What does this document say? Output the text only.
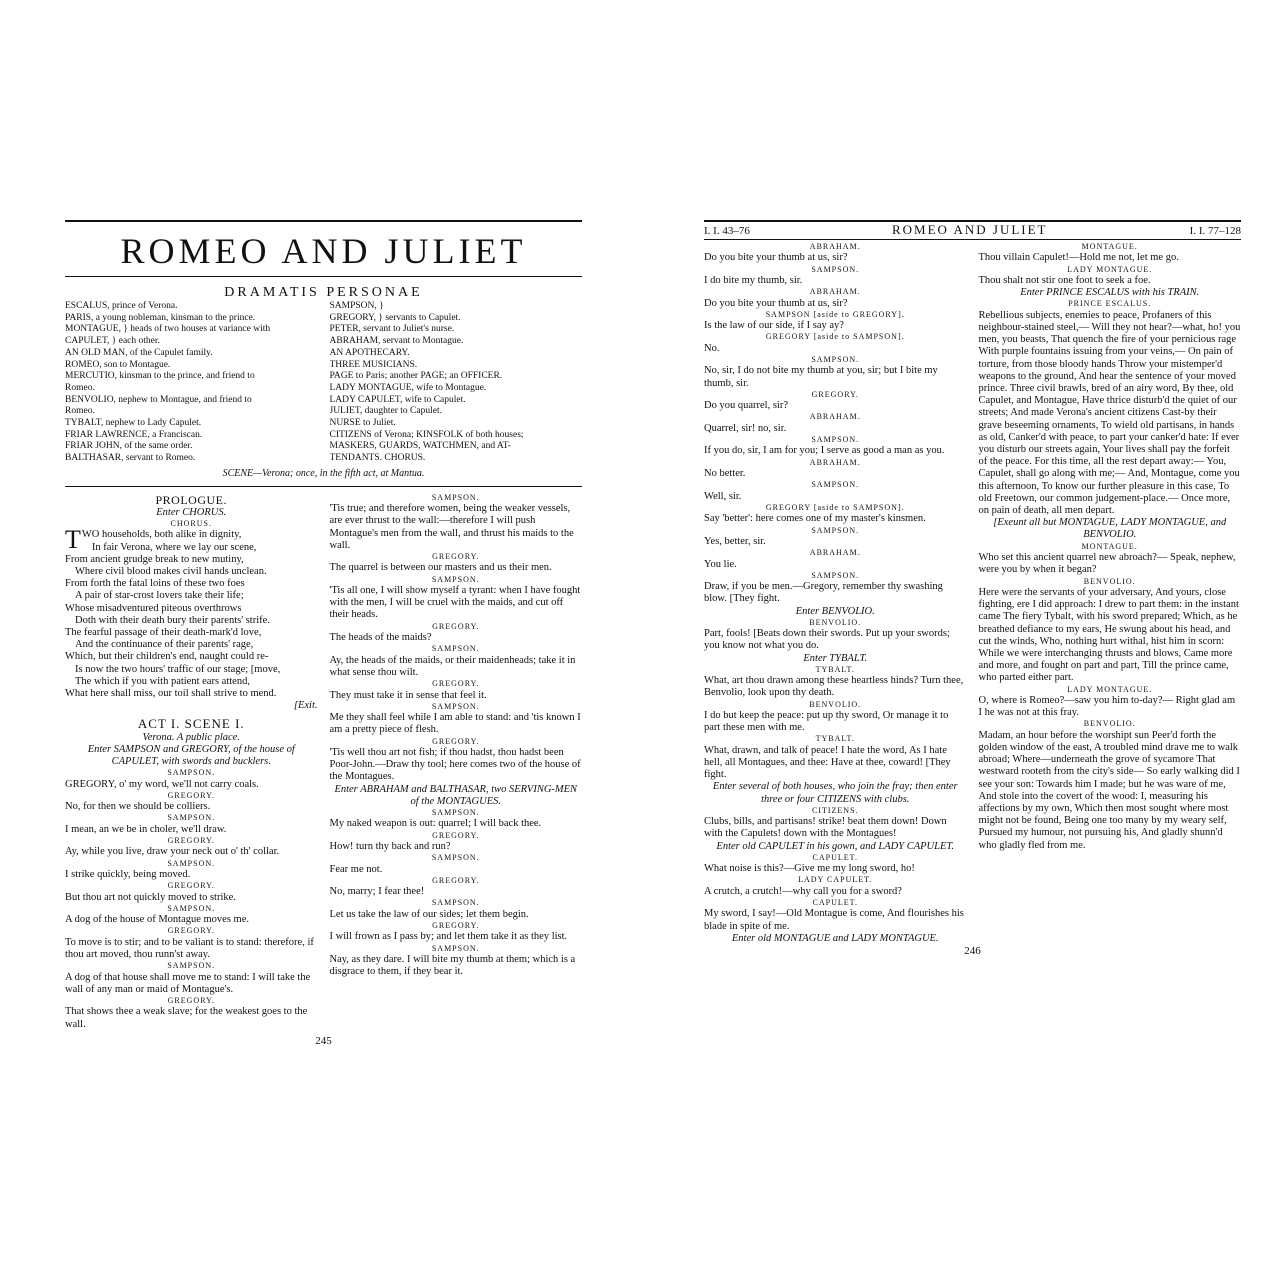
ROMEO AND JULIET
DRAMATIS PERSONAE
ESCALUS, prince of Verona.
PARIS, a young nobleman, kinsman to the prince.
MONTAGUE, } heads of two houses at variance with
CAPULET, } each other.
AN OLD MAN, of the Capulet family.
ROMEO, son to Montague.
MERCUTIO, kinsman to the prince, and friend to
Romeo.
BENVOLIO, nephew to Montague, and friend to
Romeo.
TYBALT, nephew to Lady Capulet.
FRIAR LAWRENCE, a Franciscan.
FRIAR JOHN, of the same order.
BALTHASAR, servant to Romeo.
SAMPSON, }
GREGORY, } servants to Capulet.
PETER, servant to Juliet's nurse.
ABRAHAM, servant to Montague.
AN APOTHECARY.
THREE MUSICIANS.
PAGE to Paris; another PAGE; an OFFICER.
LADY MONTAGUE, wife to Montague.
LADY CAPULET, wife to Capulet.
JULIET, daughter to Capulet.
NURSE to Juliet.
CITIZENS of Verona; KINSFOLK of both houses;
MASKERS, GUARDS, WATCHMEN, and AT-
TENDANTS. CHORUS.
SCENE—Verona; once, in the fifth act, at Mantua.
PROLOGUE.
Enter CHORUS.
CHORUS.
T WO households, both alike in dignity,
In fair Verona, where we lay our scene,
From ancient grudge break to new mutiny,
Where civil blood makes civil hands unclean.
From forth the fatal loins of these two foes
A pair of star-crost lovers take their life;
Whose misadventured piteous overthrows
Doth with their death bury their parents' strife.
The fearful passage of their death-mark'd love,
And the continuance of their parents' rage,
Which, but their children's end, naught could re-
Is now the two hours' traffic of our stage; [move,
The which if you with patient ears attend,
What here shall miss, our toil shall strive to mend.
[Exit.
ACT I. SCENE I.
Verona. A public place.
Enter SAMPSON and GREGORY, of the house of
CAPULET, with swords and bucklers.
SAMPSON.
GREGORY, o' my word, we'll not carry coals.
GREGORY.
No, for then we should be colliers.
SAMPSON.
I mean, an we be in choler, we'll draw.
GREGORY.
Ay, while you live, draw your neck out o' th' collar.
SAMPSON.
I strike quickly, being moved.
GREGORY.
But thou art not quickly moved to strike.
SAMPSON.
A dog of the house of Montague moves me.
GREGORY.
To move is to stir; and to be valiant is to stand: therefore, if thou art moved, thou runn'st away.
SAMPSON.
A dog of that house shall move me to stand: I will take the wall of any man or maid of Montague's.
GREGORY.
That shows thee a weak slave; for the weakest goes to the wall.
SAMPSON.
'Tis true; and therefore women, being the weaker vessels, are ever thrust to the wall:—therefore I will push Montague's men from the wall, and thrust his maids to the wall.
GREGORY.
The quarrel is between our masters and us their men.
SAMPSON.
'Tis all one, I will show myself a tyrant: when I have fought with the men, I will be cruel with the maids, and cut off their heads.
GREGORY.
The heads of the maids?
SAMPSON.
Ay, the heads of the maids, or their maidenheads; take it in what sense thou wilt.
GREGORY.
They must take it in sense that feel it.
SAMPSON.
Me they shall feel while I am able to stand: and 'tis known I am a pretty piece of flesh.
GREGORY.
'Tis well thou art not fish; if thou hadst, thou hadst been Poor-John.—Draw thy tool; here comes two of the house of the Montagues.
Enter ABRAHAM and BALTHASAR, two SERVING-MEN of the MONTAGUES.
SAMPSON.
My naked weapon is out: quarrel; I will back thee.
GREGORY.
How! turn thy back and run?
SAMPSON.
Fear me not.
GREGORY.
No, marry; I fear thee!
SAMPSON.
Let us take the law of our sides; let them begin.
GREGORY.
I will frown as I pass by; and let them take it as they list.
SAMPSON.
Nay, as they dare. I will bite my thumb at them; which is a disgrace to them, if they bear it.
245
I. I. 43–76	ROMEO AND JULIET	I. I. 77–128
ABRAHAM.
Do you bite your thumb at us, sir?
SAMPSON.
I do bite my thumb, sir.
ABRAHAM.
Do you bite your thumb at us, sir?
SAMPSON [aside to GREGORY].
Is the law of our side, if I say ay?
GREGORY [aside to SAMPSON].
No.
SAMPSON.
No, sir, I do not bite my thumb at you, sir; but I bite my thumb, sir.
GREGORY.
Do you quarrel, sir?
ABRAHAM.
Quarrel, sir! no, sir.
SAMPSON.
If you do, sir, I am for you; I serve as good a man as you.
ABRAHAM.
No better.
SAMPSON.
Well, sir.
GREGORY [aside to SAMPSON].
Say 'better': here comes one of my master's kinsmen.
SAMPSON.
Yes, better, sir.
ABRAHAM.
You lie.
SAMPSON.
Draw, if you be men.—Gregory, remember thy swashing blow. [They fight.
Enter BENVOLIO.
BENVOLIO.
Part, fools! [Beats down their swords. Put up your swords; you know not what you do.
Enter TYBALT.
TYBALT.
What, art thou drawn among these heartless hinds? Turn thee, Benvolio, look upon thy death.
BENVOLIO.
I do but keep the peace: put up thy sword, Or manage it to part these men with me.
TYBALT.
What, drawn, and talk of peace! I hate the word, As I hate hell, all Montagues, and thee: Have at thee, coward! [They fight.
Enter several of both houses, who join the fray; then enter three or four CITIZENS with clubs.
CITIZENS.
Clubs, bills, and partisans! strike! beat them down! Down with the Capulets! down with the Montagues!
Enter old CAPULET in his gown, and LADY CAPULET.
CAPULET.
What noise is this?—Give me my long sword, ho!
LADY CAPULET.
A crutch, a crutch!—why call you for a sword?
CAPULET.
My sword, I say!—Old Montague is come, And flourishes his blade in spite of me.
Enter old MONTAGUE and LADY MONTAGUE.
MONTAGUE.
Thou villain Capulet!—Hold me not, let me go.
LADY MONTAGUE.
Thou shalt not stir one foot to seek a foe.
Enter PRINCE ESCALUS with his TRAIN.
PRINCE ESCALUS.
Rebellious subjects, enemies to peace, Profaners of this neighbour-stained steel,— Will they not hear?—what, ho! you men, you beasts, That quench the fire of your pernicious rage With purple fountains issuing from your veins,— On pain of torture, from those bloody hands Throw your mistemper'd weapons to the ground, And hear the sentence of your moved prince. Three civil brawls, bred of an airy word, By thee, old Capulet, and Montague, Have thrice disturb'd the quiet of our streets; And made Verona's ancient citizens Cast-by their grave beseeming ornaments, To wield old partisans, in hands as old, Canker'd with peace, to part your canker'd hate: If ever you disturb our streets again, Your lives shall pay the forfeit of the peace. For this time, all the rest depart away:— You, Capulet, shall go along with me;— And, Montague, come you this afternoon, To know our further pleasure in this case, To old Freetown, our common judgement-place.— Once more, on pain of death, all men depart.
[Exeunt all but MONTAGUE, LADY MONTAGUE, and BENVOLIO.
MONTAGUE.
Who set this ancient quarrel new abroach?— Speak, nephew, were you by when it began?
BENVOLIO.
Here were the servants of your adversary, And yours, close fighting, ere I did approach: I drew to part them: in the instant came The fiery Tybalt, with his sword prepared; Which, as he breathed defiance to my ears, He swung about his head, and cut the winds, Who, nothing hurt withal, hist him in scorn: While we were interchanging thrusts and blows, Came more and more, and fought on part and part, Till the prince came, who parted either part.
LADY MONTAGUE.
O, where is Romeo?—saw you him to-day?— Right glad am I he was not at this fray.
BENVOLIO.
Madam, an hour before the worshipt sun Peer'd forth the golden window of the east, A troubled mind drave me to walk abroad; Where—underneath the grove of sycamore That westward rooteth from the city's side— So early walking did I see your son: Towards him I made; but he was ware of me, And stole into the covert of the wood: I, measuring his affections by my own, Which then most sought where most might not be found, Being one too many by my weary self, Pursued my humour, not pursuing his, And gladly shunn'd who gladly fled from me.
246
